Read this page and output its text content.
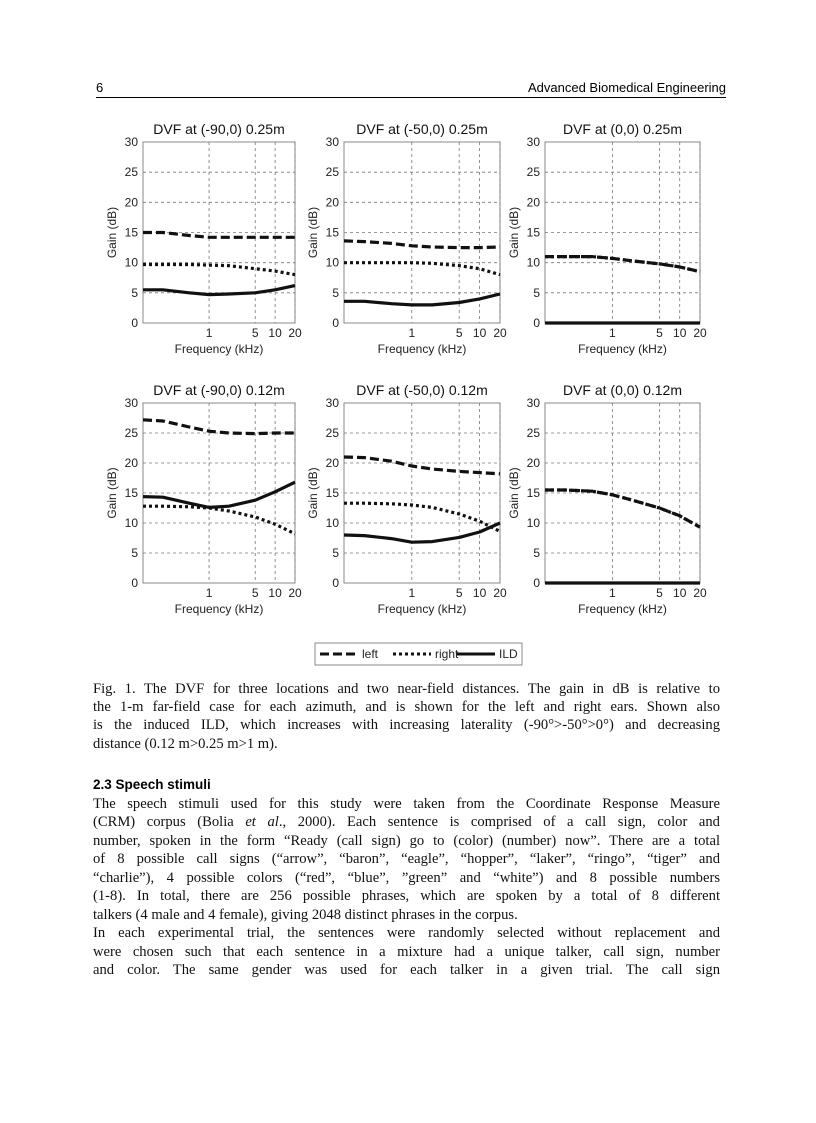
6	Advanced Biomedical Engineering
0
5
10
15
20
25
30
1	5 10 20
DVF at (-90,0) 0.25m
Frequency (kHz)
Gain (dB)
0
5
10
15
20
25
30
1	5 10 20
DVF at (-50,0) 0.25m
Frequency (kHz)
Gain (dB)
0
5
10
15
20
25
30
1	5 10 20
DVF at (0,0) 0.25m
Frequency (kHz)
Gain (dB)
0
5
10
15
20
25
30
1	5 10 20
DVF at (-90,0) 0.12m
Frequency (kHz)
Gain (dB)
0
5
10
15
20
25
30
1	5 10 20
DVF at (-50,0) 0.12m
Frequency (kHz)
Gain (dB)
0
5
10
15
20
25
30
1	5 10 20
DVF at (0,0) 0.12m
Frequency (kHz)
Gain (dB)
left	right	ILD
Fig. 1. The DVF for three locations and two near-field distances. The gain in dB is relative to
the 1-m far-field case for each azimuth, and is shown for the left and right ears. Shown also
is the induced ILD, which increases with increasing laterality (-90°>-50°>0°) and decreasing
distance (0.12 m>0.25 m>1 m).
2.3 Speech stimuli
The speech stimuli used for this study were taken from the Coordinate Response Measure
(CRM) corpus (Bolia et al., 2000). Each sentence is comprised of a call sign, color and
number, spoken in the form “Ready (call sign) go to (color) (number) now”. There are a total
of 8 possible call signs (“arrow”, “baron”, “eagle”, “hopper”, “laker”, “ringo”, “tiger” and
“charlie”), 4 possible colors (“red”, “blue”, ”green” and “white”) and 8 possible numbers
(1-8). In total, there are 256 possible phrases, which are spoken by a total of 8 different
talkers (4 male and 4 female), giving 2048 distinct phrases in the corpus.
In each experimental trial, the sentences were randomly selected without replacement and
were chosen such that each sentence in a mixture had a unique talker, call sign, number
and color. The same gender was used for each talker in a given trial. The call sign
